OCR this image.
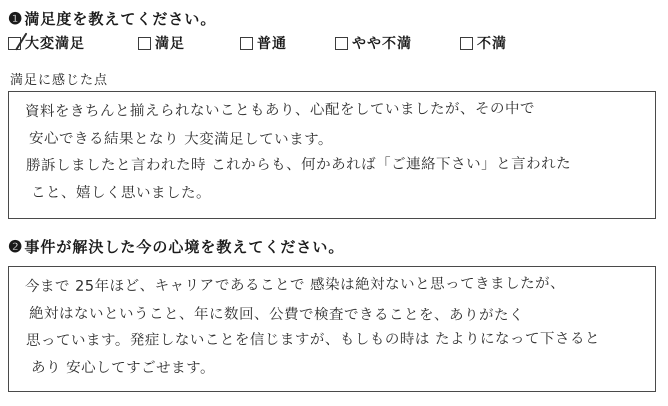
❶ 満足度を教えてください。
大変満足	満足	普通	やや不満	不満
満足に感じた点
資料をきちんと揃えられないこともあり、心配をしていましたが、その中で
安心できる結果となり 大変満足しています。
勝訴しましたと言われた時 これからも、何かあれば「ご連絡下さい」と言われた
こと、嬉しく思いました。
❷ 事件が解決した今の心境を教えてください。
今まで 25年ほど、キャリアであることで 感染は絶対ないと思ってきましたが、
絶対はないということ、年に数回、公費で検査できることを、ありがたく
思っています。発症しないことを信じますが、もしもの時は たよりになって下さると
あり 安心してすごせます。
